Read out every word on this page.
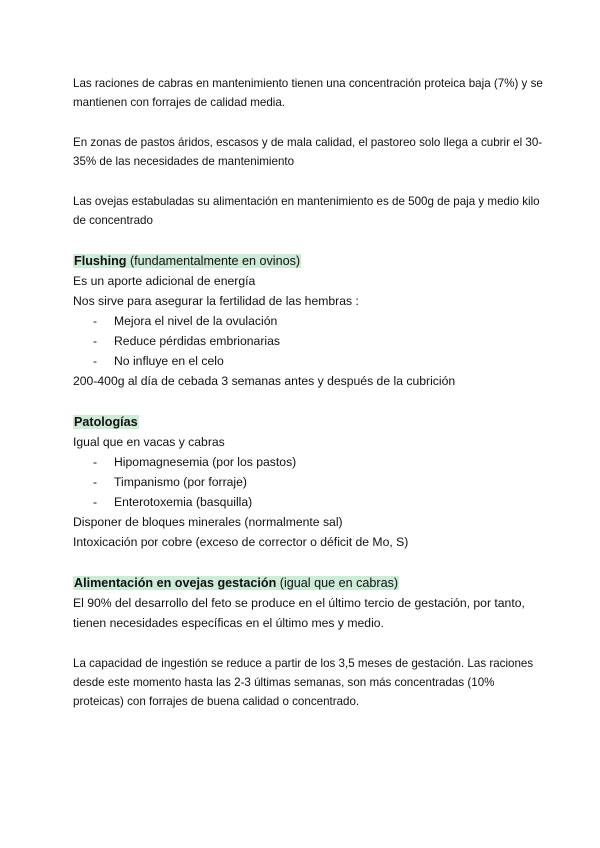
Las raciones de cabras en mantenimiento tienen una concentración proteica baja (7%) y se mantienen con forrajes de calidad media.

En zonas de pastos áridos, escasos y de mala calidad, el pastoreo solo llega a cubrir el 30-35% de las necesidades de mantenimiento

Las ovejas estabuladas su alimentación en mantenimiento es de 500g de paja y medio kilo de concentrado

Flushing (fundamentalmente en ovinos)

Es un aporte adicional de energía

Nos sirve para asegurar la fertilidad de las hembras :

- Mejora el nivel de la ovulación
- Reduce pérdidas embrionarias
- No influye en el celo

200-400g al día de cebada 3 semanas antes y después de la cubrición

Patologías

Igual que en vacas y cabras

- Hipomagnesemia (por los pastos)
- Timpanismo (por forraje)
- Enterotoxemia (basquilla)

Disponer de bloques minerales (normalmente sal)

Intoxicación por cobre (exceso de corrector o déficit de Mo, S)

Alimentación en ovejas gestación (igual que en cabras)

El 90% del desarrollo del feto se produce en el último tercio de gestación, por tanto, tienen necesidades específicas en el último mes y medio.

La capacidad de ingestión se reduce a partir de los 3,5 meses de gestación. Las raciones desde este momento hasta las 2-3 últimas semanas, son más concentradas (10% proteicas) con forrajes de buena calidad o concentrado.
